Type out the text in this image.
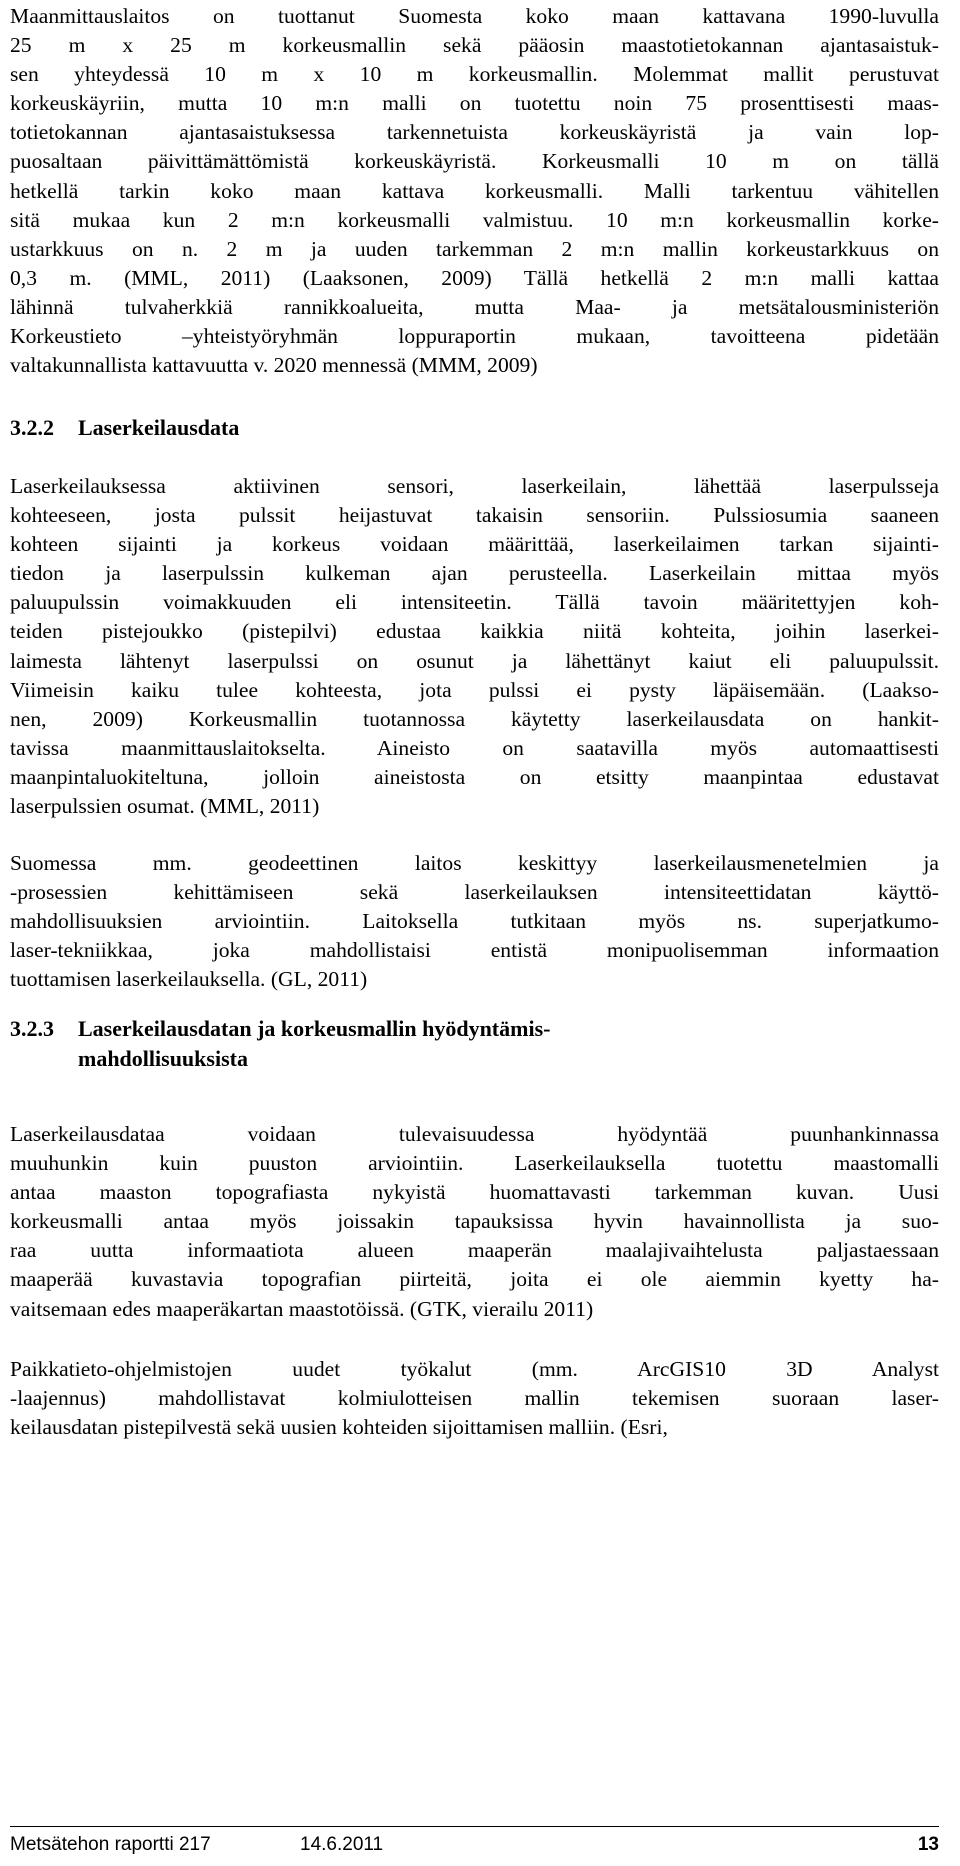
Maanmittauslaitos on tuottanut Suomesta koko maan kattavana 1990-luvulla
25 m x 25 m korkeusmallin sekä pääosin maastotietokannan ajantasaistuk-
sen yhteydessä 10 m x 10 m korkeusmallin. Molemmat mallit perustuvat
korkeuskäyriin, mutta 10 m:n malli on tuotettu noin 75 prosenttisesti maas-
totietokannan ajantasaistuksessa tarkennetuista korkeuskäyristä ja vain lop-
puosaltaan päivittämättömistä korkeuskäyristä. Korkeusmalli 10 m on tällä
hetkellä tarkin koko maan kattava korkeusmalli. Malli tarkentuu vähitellen
sitä mukaa kun 2 m:n korkeusmalli valmistuu. 10 m:n korkeusmallin korke-
ustarkkuus on n. 2 m ja uuden tarkemman 2 m:n mallin korkeustarkkuus on
0,3 m. (MML, 2011) (Laaksonen, 2009) Tällä hetkellä 2 m:n malli kattaa
lähinnä tulvaherkkiä rannikkoalueita, mutta Maa- ja metsätalousministeriön
Korkeustieto –yhteistyöryhmän loppuraportin mukaan, tavoitteena pidetään
valtakunnallista kattavuutta v. 2020 mennessä (MMM, 2009)
3.2.2	Laserkeilausdata
Laserkeilauksessa aktiivinen sensori, laserkeilain, lähettää laserpulsseja
kohteeseen, josta pulssit heijastuvat takaisin sensoriin. Pulssiosumia saaneen
kohteen sijainti ja korkeus voidaan määrittää, laserkeilaimen tarkan sijainti-
tiedon ja laserpulssin kulkeman ajan perusteella. Laserkeilain mittaa myös
paluupulssin voimakkuuden eli intensiteetin. Tällä tavoin määritettyjen koh-
teiden pistejoukko (pistepilvi) edustaa kaikkia niitä kohteita, joihin laserkei-
laimesta lähtenyt laserpulssi on osunut ja lähettänyt kaiut eli paluupulssit.
Viimeisin kaiku tulee kohteesta, jota pulssi ei pysty läpäisemään. (Laakso-
nen, 2009) Korkeusmallin tuotannossa käytetty laserkeilausdata on hankit-
tavissa maanmittauslaitokselta. Aineisto on saatavilla myös automaattisesti
maanpintaluokiteltuna, jolloin aineistosta on etsitty maanpintaa edustavat
laserpulssien osumat. (MML, 2011)
Suomessa mm. geodeettinen laitos keskittyy laserkeilausmenetelmien ja
-prosessien kehittämiseen sekä laserkeilauksen intensiteettidatan käyttö-
mahdollisuuksien arviointiin. Laitoksella tutkitaan myös ns. superjatkumo-
laser-tekniikkaa, joka mahdollistaisi entistä monipuolisemman informaation
tuottamisen laserkeilauksella. (GL, 2011)
3.2.3	Laserkeilausdatan ja korkeusmallin hyödyntämis-
mahdollisuuksista
Laserkeilausdataa voidaan tulevaisuudessa hyödyntää puunhankinnassa
muuhunkin kuin puuston arviointiin. Laserkeilauksella tuotettu maastomalli
antaa maaston topografiasta nykyistä huomattavasti tarkemman kuvan. Uusi
korkeusmalli antaa myös joissakin tapauksissa hyvin havainnollista ja suo-
raa uutta informaatiota alueen maaperän maalajivaihtelusta paljastaessaan
maaperää kuvastavia topografian piirteitä, joita ei ole aiemmin kyetty ha-
vaitsemaan edes maaperäkartan maastotöissä. (GTK, vierailu 2011)
Paikkatieto-ohjelmistojen uudet työkalut (mm. ArcGIS10 3D Analyst
-laajennus) mahdollistavat kolmiulotteisen mallin tekemisen suoraan laser-
keilausdatan pistepilvestä sekä uusien kohteiden sijoittamisen malliin. (Esri,
Metsätehon raportti 217	14.6.2011	13
